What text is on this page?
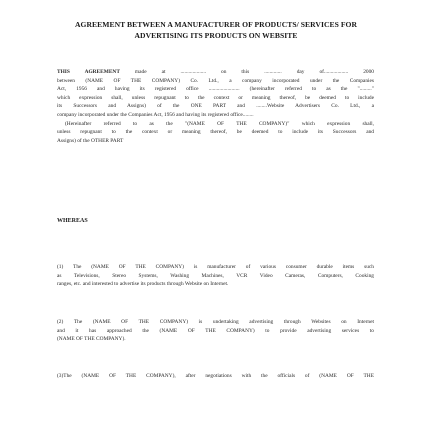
AGREEMENT BETWEEN A MANUFACTURER OF PRODUCTS/ SERVICES FOR
ADVERTISING ITS PRODUCTS ON WEBSITE
THIS AGREEMENT	made at ................... on this ............. day of.................. 2000
between (NAME OF THE COMPANY) Co. Ltd., a company incorporated under the Companies
Act, 1956 and having its registered office ....................... (hereinafter referred to as the "........."
which expression shall, unless repugnant to the context or meaning thereof, be deemed to include
its Successors and Assigns) of the ONE PART and ........Website Advertisers Co. Ltd., a
company incorporated under the Companies Act, 1956 and having its registered office........
(Hereinafter referred to as the "(NAME OF THE COMPANY)" which expression shall,
unless repugnant to the context or meaning thereof, be deemed to include its Successors and
Assigns) of the OTHER PART
WHEREAS
(1) The (NAME OF THE COMPANY) is manufacturer of various consumer durable items such
as Televisions, Stereo Systems, Washing Machines, VCR Video Cameras, Computers, Cooking
ranges, etc. and interested to advertise its products through Website on Internet.
(2) The (NAME OF THE COMPANY) is undertaking advertising through Websites on Internet
and it has approached the (NAME OF THE COMPANY) to provide advertising services to
(NAME OF THE COMPANY).
(3)The (NAME OF THE COMPANY), after negotiations with the officials of (NAME OF THE
